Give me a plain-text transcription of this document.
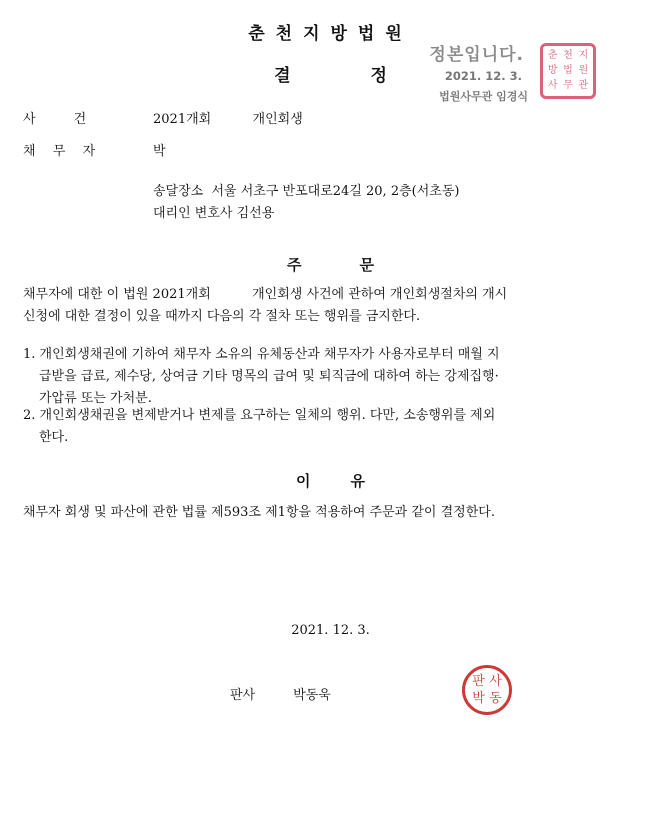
춘천지방법원
결	정
정본입니다.
2021. 12. 3.
법원사무관 임경식
춘 천 지
방 법 원
사 무 관
사	건	2021개회          개인회생
채  무  자	박
송달장소  서울 서초구 반포대로24길 20, 2층(서초동)
대리인 변호사 김선용
주	문
채무자에 대한 이 법원 2021개회          개인회생 사건에 관하여 개인회생절차의 개시
신청에 대한 결정이 있을 때까지 다음의 각 절차 또는 행위를 금지한다.
1. 개인회생채권에 기하여 채무자 소유의 유체동산과 채무자가 사용자로부터 매월 지
급받을 급료, 제수당, 상여금 기타 명목의 급여 및 퇴직금에 대하여 하는 강제집행·
가압류 또는 가처분.
2. 개인회생채권을 변제받거나 변제를 요구하는 일체의 행위. 다만, 소송행위를 제외
한다.
이	유
채무자 회생 및 파산에 관한 법률 제593조 제1항을 적용하여 주문과 같이 결정한다.
2021. 12. 3.
판사	박동욱
판 사
박 동
